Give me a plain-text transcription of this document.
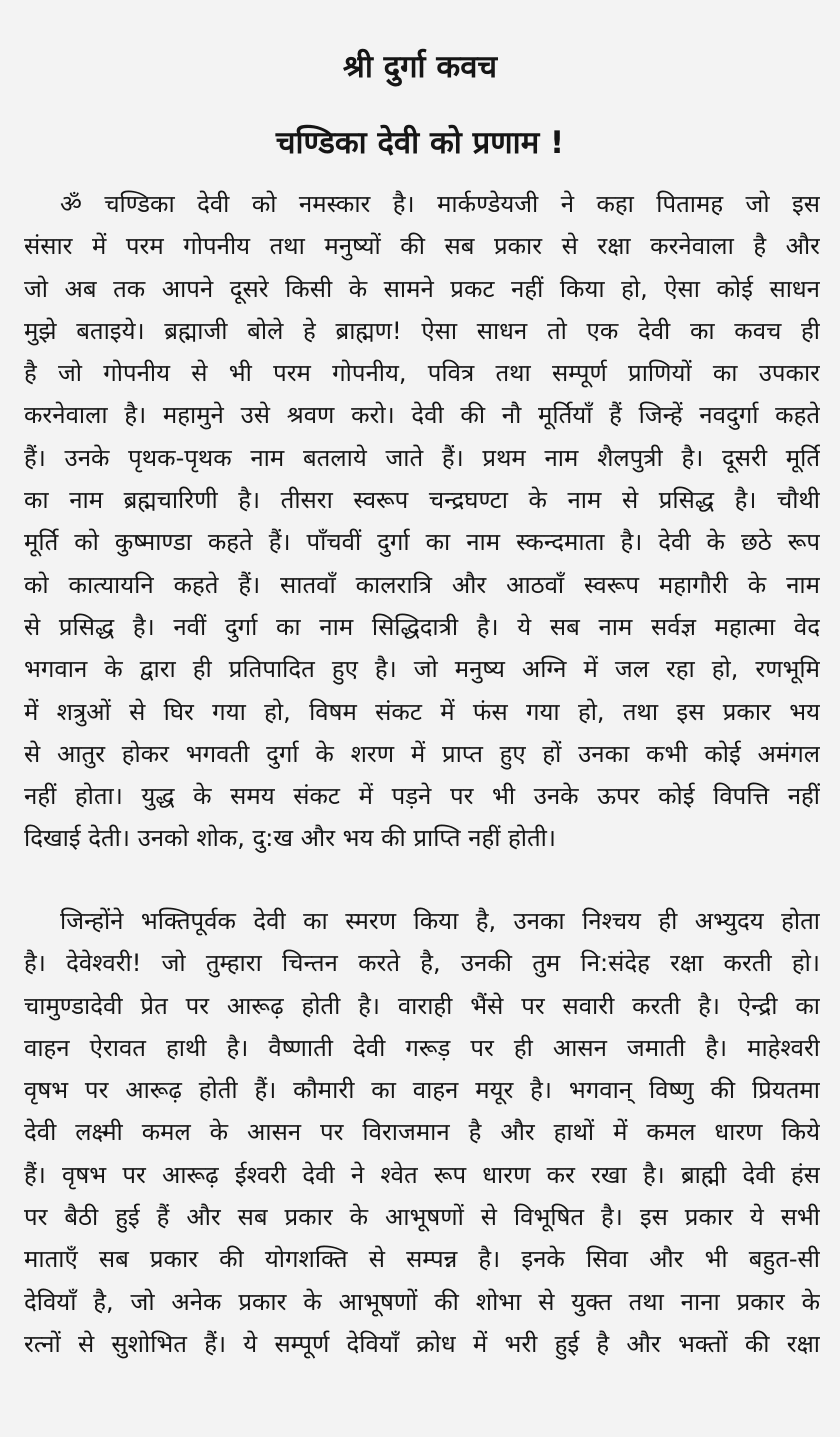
श्री दुर्गा कवच
चण्डिका देवी को प्रणाम !
ॐ चण्डिका देवी को नमस्कार है। मार्कण्डेयजी ने कहा पितामह जो इस
संसार में परम गोपनीय तथा मनुष्यों की सब प्रकार से रक्षा करनेवाला है और
जो अब तक आपने दूसरे किसी के सामने प्रकट नहीं किया हो, ऐसा कोई साधन
मुझे बताइये। ब्रह्माजी बोले हे ब्राह्मण! ऐसा साधन तो एक देवी का कवच ही
है जो गोपनीय से भी परम गोपनीय, पवित्र तथा सम्पूर्ण प्राणियों का उपकार
करनेवाला है। महामुने उसे श्रवण करो। देवी की नौ मूर्तियाँ हैं जिन्हें नवदुर्गा कहते
हैं। उनके पृथक-पृथक नाम बतलाये जाते हैं। प्रथम नाम शैलपुत्री है। दूसरी मूर्ति
का नाम ब्रह्मचारिणी है। तीसरा स्वरूप चन्द्रघण्टा के नाम से प्रसिद्ध है। चौथी
मूर्ति को कुष्माण्डा कहते हैं। पाँचवीं दुर्गा का नाम स्कन्दमाता है। देवी के छठे रूप
को कात्यायनि कहते हैं। सातवाँ कालरात्रि और आठवाँ स्वरूप महागौरी के नाम
से प्रसिद्ध है। नवीं दुर्गा का नाम सिद्धिदात्री है। ये सब नाम सर्वज्ञ महात्मा वेद
भगवान के द्वारा ही प्रतिपादित हुए है। जो मनुष्य अग्नि में जल रहा हो, रणभूमि
में शत्रुओं से घिर गया हो, विषम संकट में फंस गया हो, तथा इस प्रकार भय
से आतुर होकर भगवती दुर्गा के शरण में प्राप्त हुए हों उनका कभी कोई अमंगल
नहीं होता। युद्ध के समय संकट में पड़ने पर भी उनके ऊपर कोई विपत्ति नहीं
दिखाई देती। उनको शोक, दु:ख और भय की प्राप्ति नहीं होती।
जिन्होंने भक्तिपूर्वक देवी का स्मरण किया है, उनका निश्चय ही अभ्युदय होता
है। देवेश्वरी! जो तुम्हारा चिन्तन करते है, उनकी तुम नि:संदेह रक्षा करती हो।
चामुण्डादेवी प्रेत पर आरूढ़ होती है। वाराही भैंसे पर सवारी करती है। ऐन्द्री का
वाहन ऐरावत हाथी है। वैष्णाती देवी गरूड़ पर ही आसन जमाती है। माहेश्वरी
वृषभ पर आरूढ़ होती हैं। कौमारी का वाहन मयूर है। भगवान् विष्णु की प्रियतमा
देवी लक्ष्मी कमल के आसन पर विराजमान है और हाथों में कमल धारण किये
हैं। वृषभ पर आरूढ़ ईश्वरी देवी ने श्वेत रूप धारण कर रखा है। ब्राह्मी देवी हंस
पर बैठी हुई हैं और सब प्रकार के आभूषणों से विभूषित है। इस प्रकार ये सभी
माताएँ सब प्रकार की योगशक्ति से सम्पन्न है। इनके सिवा और भी बहुत-सी
देवियाँ है, जो अनेक प्रकार के आभूषणों की शोभा से युक्त तथा नाना प्रकार के
रत्नों से सुशोभित हैं। ये सम्पूर्ण देवियाँ क्रोध में भरी हुई है और भक्तों की रक्षा
